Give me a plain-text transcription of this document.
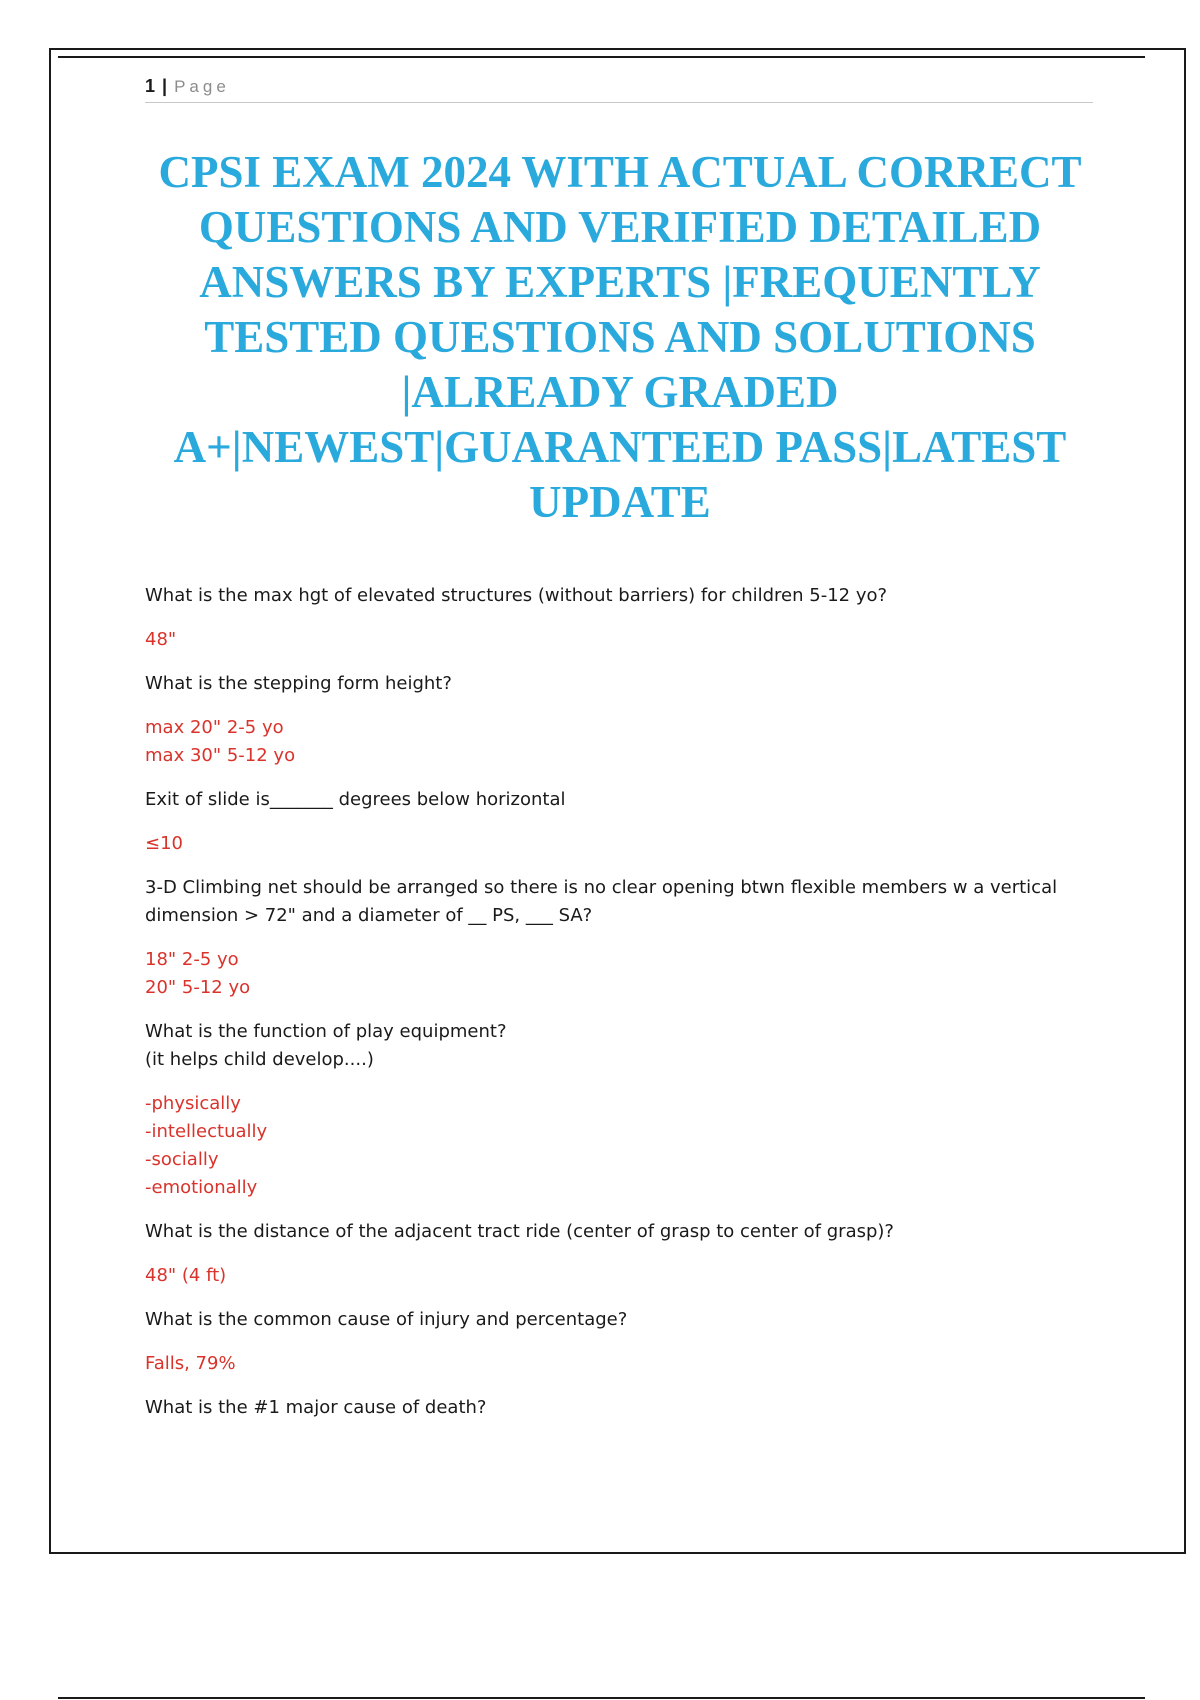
1 | Page
CPSI EXAM 2024 WITH ACTUAL CORRECT QUESTIONS AND VERIFIED DETAILED ANSWERS BY EXPERTS |FREQUENTLY TESTED QUESTIONS AND SOLUTIONS |ALREADY GRADED A+|NEWEST|GUARANTEED PASS|LATEST UPDATE
What is the max hgt of elevated structures (without barriers) for children 5-12 yo?
48"
What is the stepping form height?
max 20" 2-5 yo
max 30" 5-12 yo
Exit of slide is_______ degrees below horizontal
≤10
3-D Climbing net should be arranged so there is no clear opening btwn flexible members w a vertical
dimension > 72" and a diameter of __ PS, ___ SA?
18" 2-5 yo
20" 5-12 yo
What is the function of play equipment?
(it helps child develop....)
-physically
-intellectually
-socially
-emotionally
What is the distance of the adjacent tract ride (center of grasp to center of grasp)?
48" (4 ft)
What is the common cause of injury and percentage?
Falls, 79%
What is the #1 major cause of death?
